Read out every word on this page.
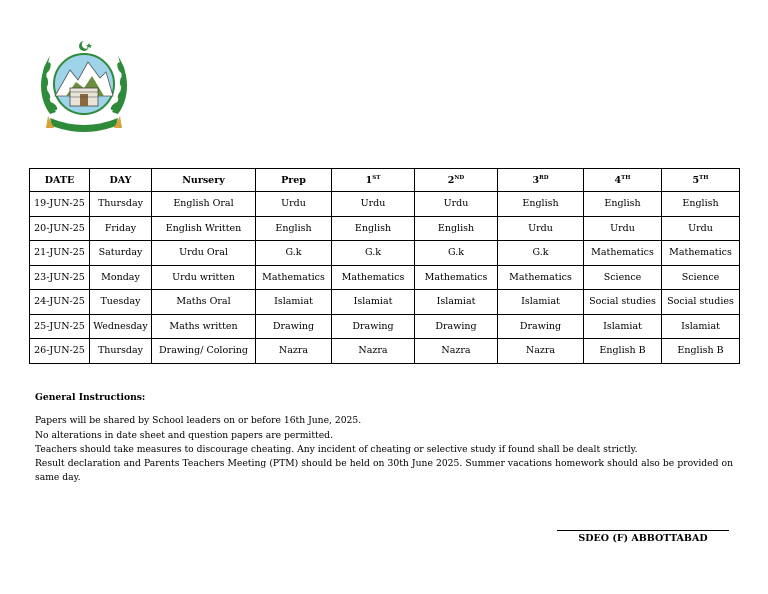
DATE	DAY	Nursery	Prep	1ST	2ND	3RD	4TH	5TH
19-JUN-25	Thursday	English Oral	Urdu	Urdu	Urdu	English	English	English
20-JUN-25	Friday	English Written	English	English	English	Urdu	Urdu	Urdu
21-JUN-25	Saturday	Urdu Oral	G.k	G.k	G.k	G.k	Mathematics	Mathematics
23-JUN-25	Monday	Urdu written	Mathematics	Mathematics	Mathematics	Mathematics	Science	Science
24-JUN-25	Tuesday	Maths Oral	Islamiat	Islamiat	Islamiat	Islamiat	Social studies	Social studies
25-JUN-25	Wednesday	Maths written	Drawing	Drawing	Drawing	Drawing	Islamiat	Islamiat
26-JUN-25	Thursday	Drawing/ Coloring	Nazra	Nazra	Nazra	Nazra	English B	English B
General Instructions:

Papers will be shared by School leaders on or before 16th June, 2025.

No alterations in date sheet and question papers are permitted.

Teachers should take measures to discourage cheating. Any incident of cheating or selective study if found shall be dealt strictly.

Result declaration and Parents Teachers Meeting (PTM) should be held on 30th June 2025. Summer vacations homework should also be provided on same day.

SDEO (F) ABBOTTABAD
